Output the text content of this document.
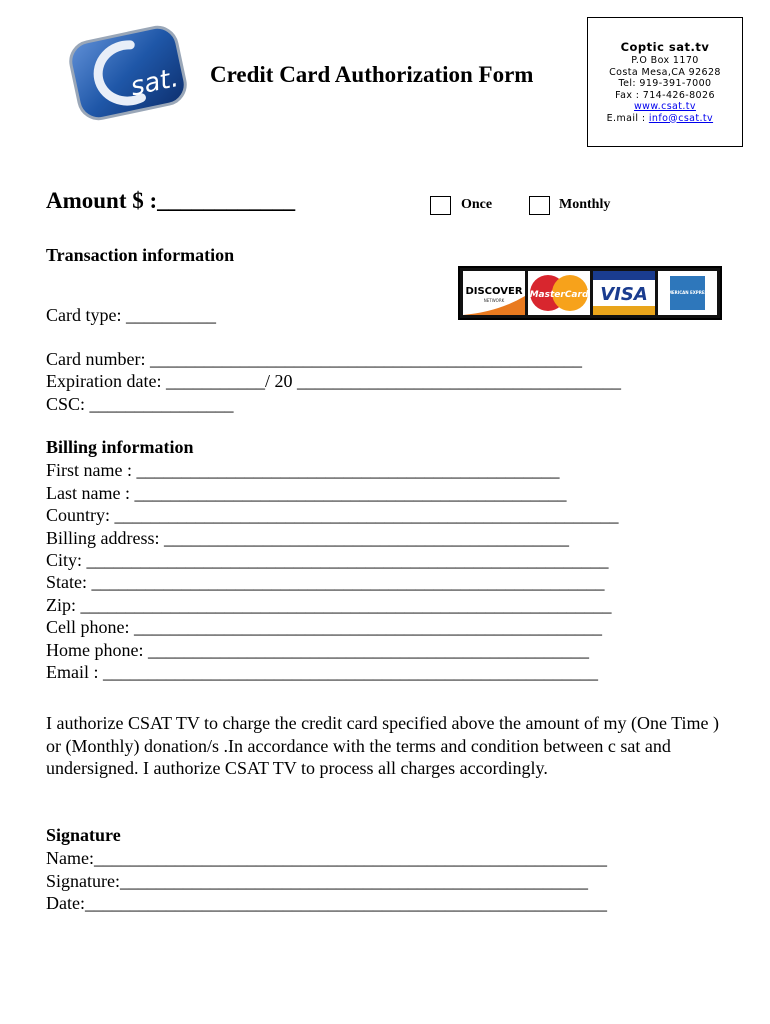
sat. Credit Card Authorization Form
Coptic sat.tv
P.O Box 1170
Costa Mesa,CA 92628
Tel: 919-391-7000
Fax : 714-426-8026
www.csat.tv
E.mail : info@csat.tv
Amount $ :____________	Once	Monthly
Transaction information
DISCOVER
NETWORK
MasterCard VISA	AMERICAN EXPRESS
Card type: __________
Card number: ________________________________________________
Expiration date: ___________/ 20 ____________________________________
CSC: ________________
Billing information
First name : _______________________________________________
Last name : ________________________________________________
Country: ________________________________________________________
Billing address: _____________________________________________
City: __________________________________________________________
State: _________________________________________________________
Zip: ___________________________________________________________
Cell phone: ____________________________________________________
Home phone: _________________________________________________
Email : _______________________________________________________
I authorize CSAT TV to charge the credit card specified above the amount of my (One Time ) or (Monthly) donation/s .In accordance with the terms and condition between c sat and undersigned. I authorize CSAT TV to process all charges accordingly.
Signature
Name:_________________________________________________________
Signature:____________________________________________________
Date:__________________________________________________________
